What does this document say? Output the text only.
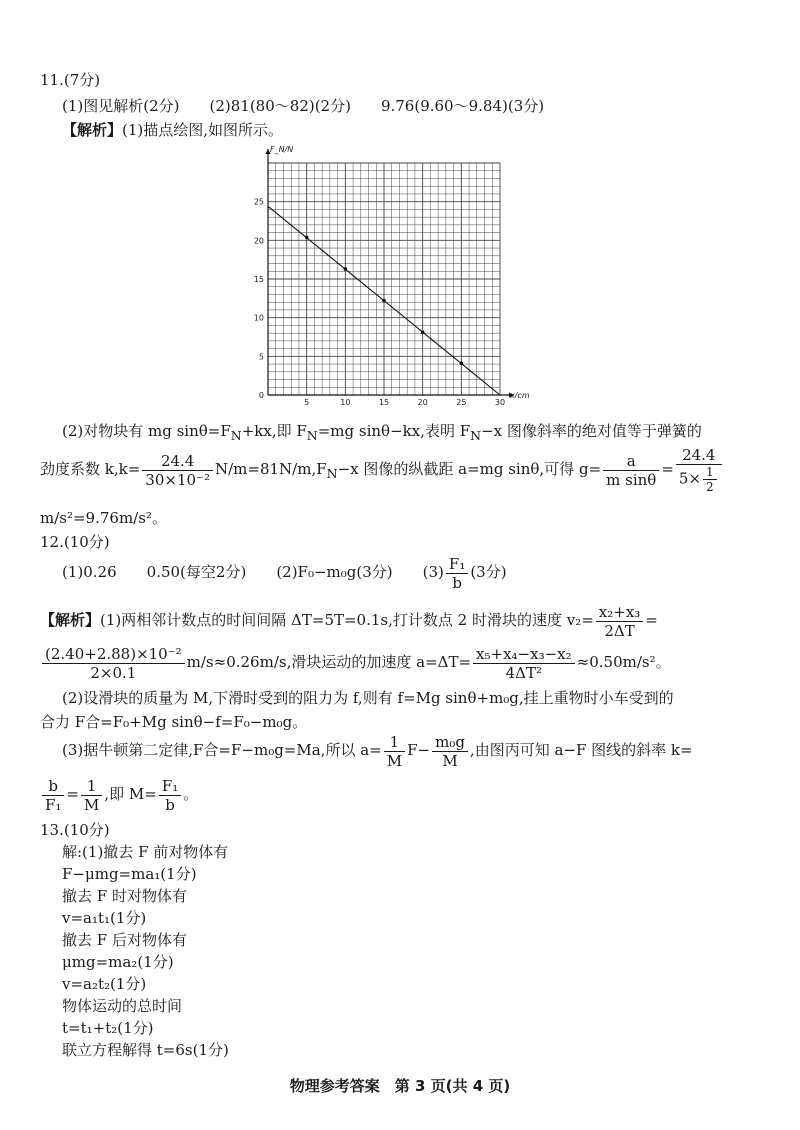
11.(7分)
(1)图见解析(2分)　　(2)81(80～82)(2分)　　9.76(9.60～9.84)(3分)
【解析】(1)描点绘图,如图所示。
5	10	15	20	25	30
0
5
10
15
20
25
F_N/N
x/cm
(2)对物块有 mg $\sin\theta=F_N+kx$,即 $F_N=mg$ sinθ−kx,表明 $F_N-x$ 图像斜率的绝对值等于弹簧的
劲度系数 $k,k= \frac{24.4}{\text{30×10⁻²}} N/m=81N/m,F_N-x$ 图像的纵截距 a=mg sinθ,可得 $g= \frac{a}{\text{m sinθ}} = \frac{24.4}{5\times \frac{1}{2}}$
m/s²=9.76m/s²。
12.(10分)
(1)0.26　　0.50(每空2分)　　 (2)F₀−m₀g(3分)　　 $(3) \frac{\text{F₁}}{b} (3$分)
【解析】(1)两相邻计数点的时间间隔 ΔT=5T=0.1s,打计数点 2 时滑块的速度 $v_2= \frac{\text{x₂+x₃}}{2\Delta T}$ =
$\frac{\text{(2.40+2.88)×10⁻²}}{2\times 0.1} m/s\approx 0.26m/s$,滑块运动的加速度 $a=\Delta T= \frac{\text{x₅+x₄−x₃−x₂}}{\text{4ΔT²}} \approx 0.50m/s^2$。
(2)设滑块的质量为 M,下滑时受到的阻力为 f,则有 f=Mg sinθ+m₀g,挂上重物时小车受到的
合力 F合=F₀+Mg sinθ−f=F₀−m₀g。
(3)据牛顿第二定律,F合=F−m₀g=Ma,所以 $a= \frac{1}{M} F- \frac{\text{m₀g}}{M}$ ,由图丙可知 a−F 图线的斜率 k=
$\frac{b}{\text{F₁}} = \frac{1}{M}$ ,即 $M= \frac{\text{F₁}}{b}$ 。
13.(10分)
解:(1)撤去 F 前对物体有
F−μmg=ma₁(1分)
撤去 F 时对物体有
v=a₁t₁(1分)
撤去 F 后对物体有
μmg=ma₂(1分)
v=a₂t₂(1分)
物体运动的总时间
t=t₁+t₂(1分)
联立方程解得 t=6s(1分)
物理参考答案　第 3 页(共 4 页)
